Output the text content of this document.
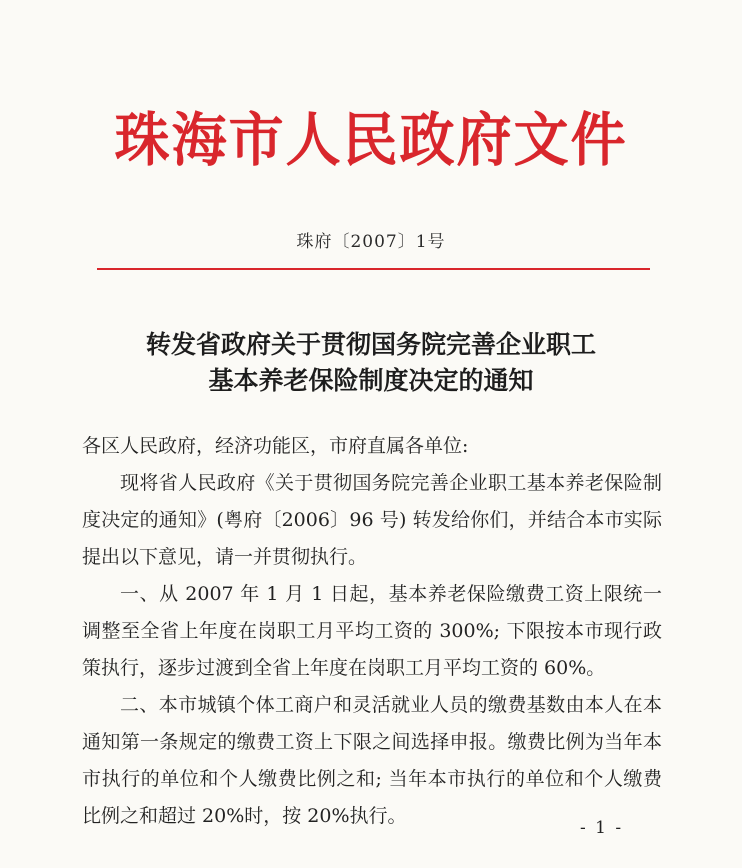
珠海市人民政府文件
珠府〔2007〕1号
转发省政府关于贯彻国务院完善企业职工
基本养老保险制度决定的通知

各区人民政府，经济功能区，市府直属各单位:

现将省人民政府《关于贯彻国务院完善企业职工基本养老保险制度决定的通知》(粤府〔2006〕96 号) 转发给你们，并结合本市实际提出以下意见，请一并贯彻执行。

一、从 2007 年 1 月 1 日起，基本养老保险缴费工资上限统一调整至全省上年度在岗职工月平均工资的 300%; 下限按本市现行政策执行，逐步过渡到全省上年度在岗职工月平均工资的 60%。

二、本市城镇个体工商户和灵活就业人员的缴费基数由本人在本通知第一条规定的缴费工资上下限之间选择申报。缴费比例为当年本市执行的单位和个人缴费比例之和; 当年本市执行的单位和个人缴费比例之和超过 20%时，按 20%执行。

- 1 -
